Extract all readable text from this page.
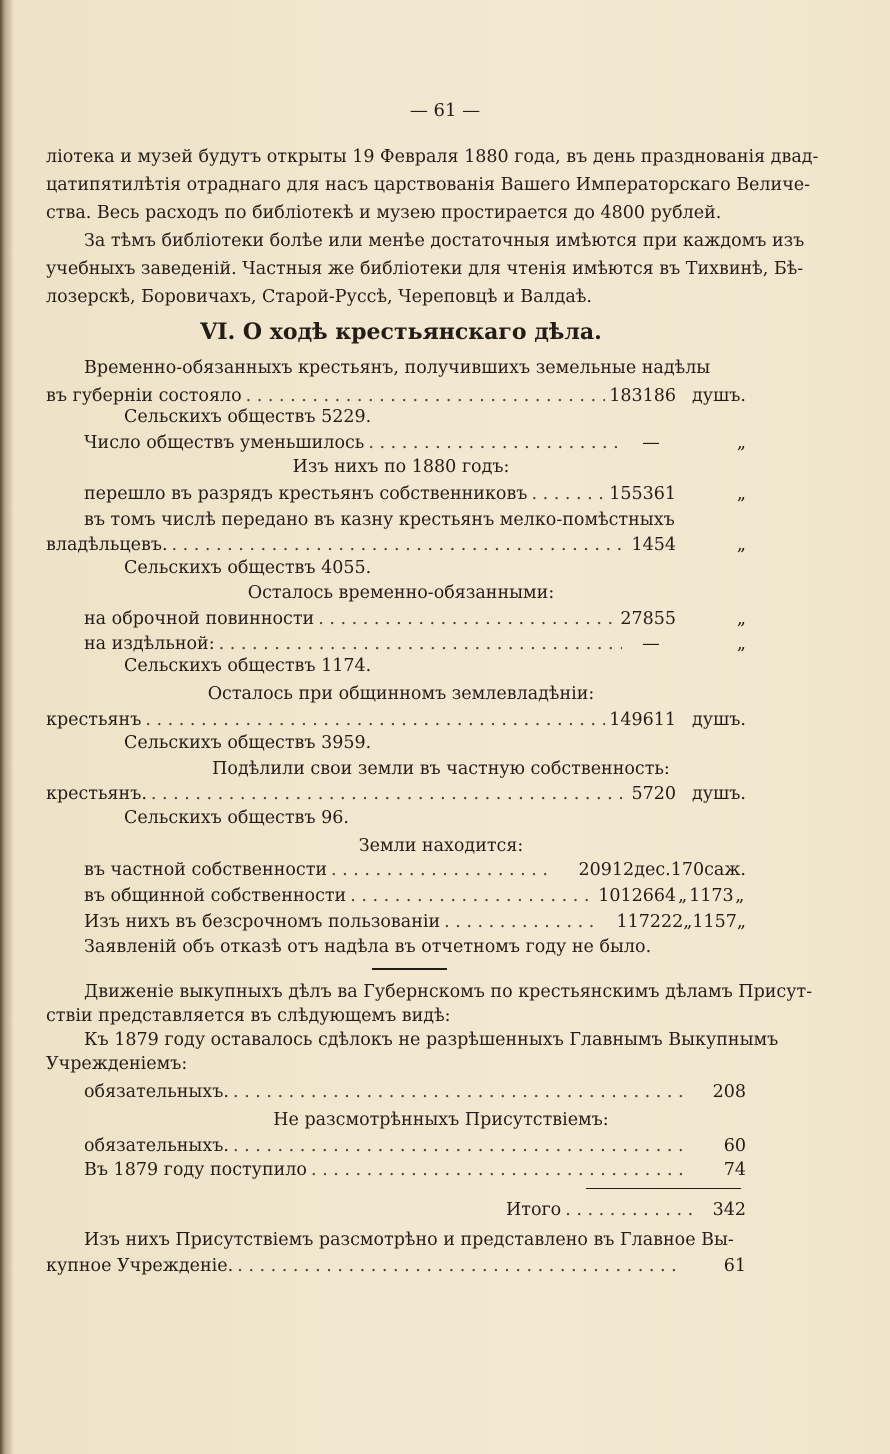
— 61 —
ліотека и музей будутъ открыты 19 Февраля 1880 года, въ день празднованія двад-
цатипятилѣтія отраднаго для насъ царствованія Вашего Императорскаго Величе-
ства. Весь расходъ по библіотекѣ и музею простирается до 4800 рублей.
За тѣмъ библіотеки болѣе или менѣе достаточныя имѣются при каждомъ изъ
учебныхъ заведеній. Частныя же библіотеки для чтенія имѣются въ Тихвинѣ, Бѣ-
лозерскѣ, Боровичахъ, Старой-Руссѣ, Череповцѣ и Валдаѣ.
VI. О ходѣ крестьянскаго дѣла.
Временно-обязанныхъ крестьянъ, получившихъ земельные надѣлы
въ губерніи состояло . . .	183186 душъ.
Сельскихъ обществъ 5229.
Число обществъ уменьшилось . . .	—	„
Изъ нихъ по 1880 годъ:
перешло въ разрядъ крестьянъ собственниковъ . . .	155361	„
въ томъ числѣ передано въ казну крестьянъ мелко-помѣстныхъ
владѣльцевъ. . . .	1454	„
Сельскихъ обществъ 4055.
Осталось временно-обязанными:
на оброчной повинности . . .	27855	„
на издѣльной: . . .	—	„
Сельскихъ обществъ 1174.
Осталось при общинномъ землевладѣніи:
крестьянъ . . .	149611 душъ.
Сельскихъ обществъ 3959.
Подѣлили свои земли въ частную собственность:
крестьянъ. . . .	5720 душъ.
Сельскихъ обществъ 96.
Земли находится:
въ частной собственности . . .	20912 дес. 170 саж.
въ общинной собственности . . .	1012664 „ 1173 „
Изъ нихъ въ безсрочномъ пользованіи . . .	117222 „ 1157 „
Заявленій объ отказѣ отъ надѣла въ отчетномъ году не было.
Движеніе выкупныхъ дѣлъ ва Губернскомъ по крестьянскимъ дѣламъ Присут-
ствіи представляется въ слѣдующемъ видѣ:
Къ 1879 году оставалось сдѣлокъ не разрѣшенныхъ Главнымъ Выкупнымъ
Учрежденіемъ:
обязательныхъ. . . .	208
Не разсмотрѣнныхъ Присутствіемъ:
обязательныхъ. . . .	60
Въ 1879 году поступило . . .	74
Итого . . .	342
Изъ нихъ Присутствіемъ разсмотрѣно и представлено въ Главное Вы-
купное Учрежденіе. . . .	61
